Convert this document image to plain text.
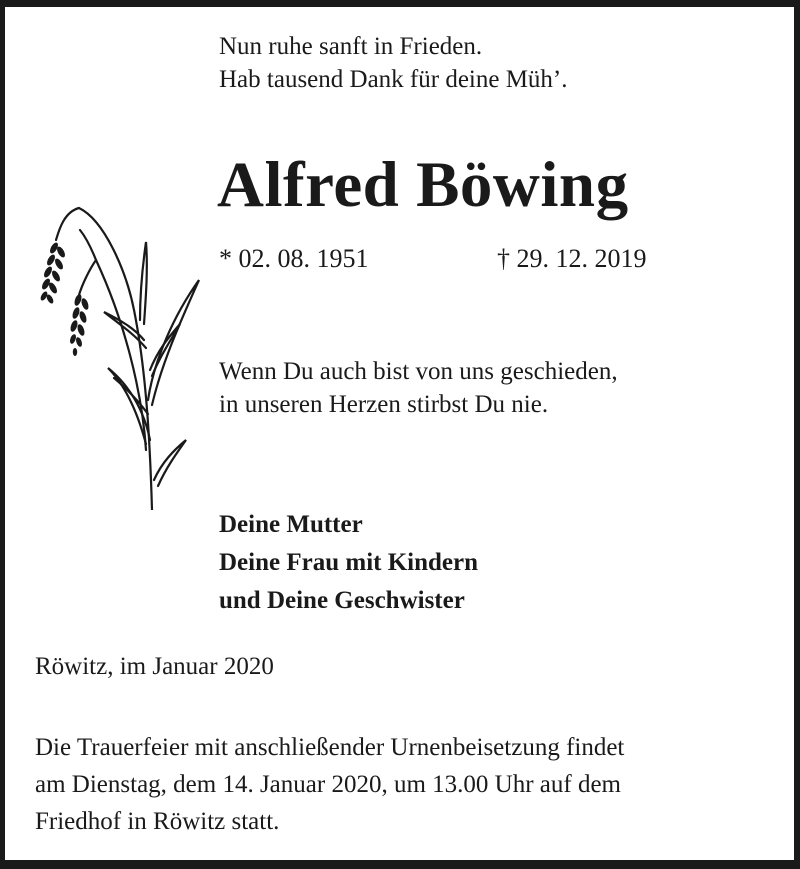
Nun ruhe sanft in Frieden.
Hab tausend Dank für deine Müh’.
Alfred Böwing
* 02. 08. 1951	† 29. 12. 2019
Wenn Du auch bist von uns geschieden,
in unseren Herzen stirbst Du nie.
Deine Mutter
Deine Frau mit Kindern
und Deine Geschwister
Röwitz, im Januar 2020
Die Trauerfeier mit anschließender Urnenbeisetzung findet
am Dienstag, dem 14. Januar 2020, um 13.00 Uhr auf dem
Friedhof in Röwitz statt.
